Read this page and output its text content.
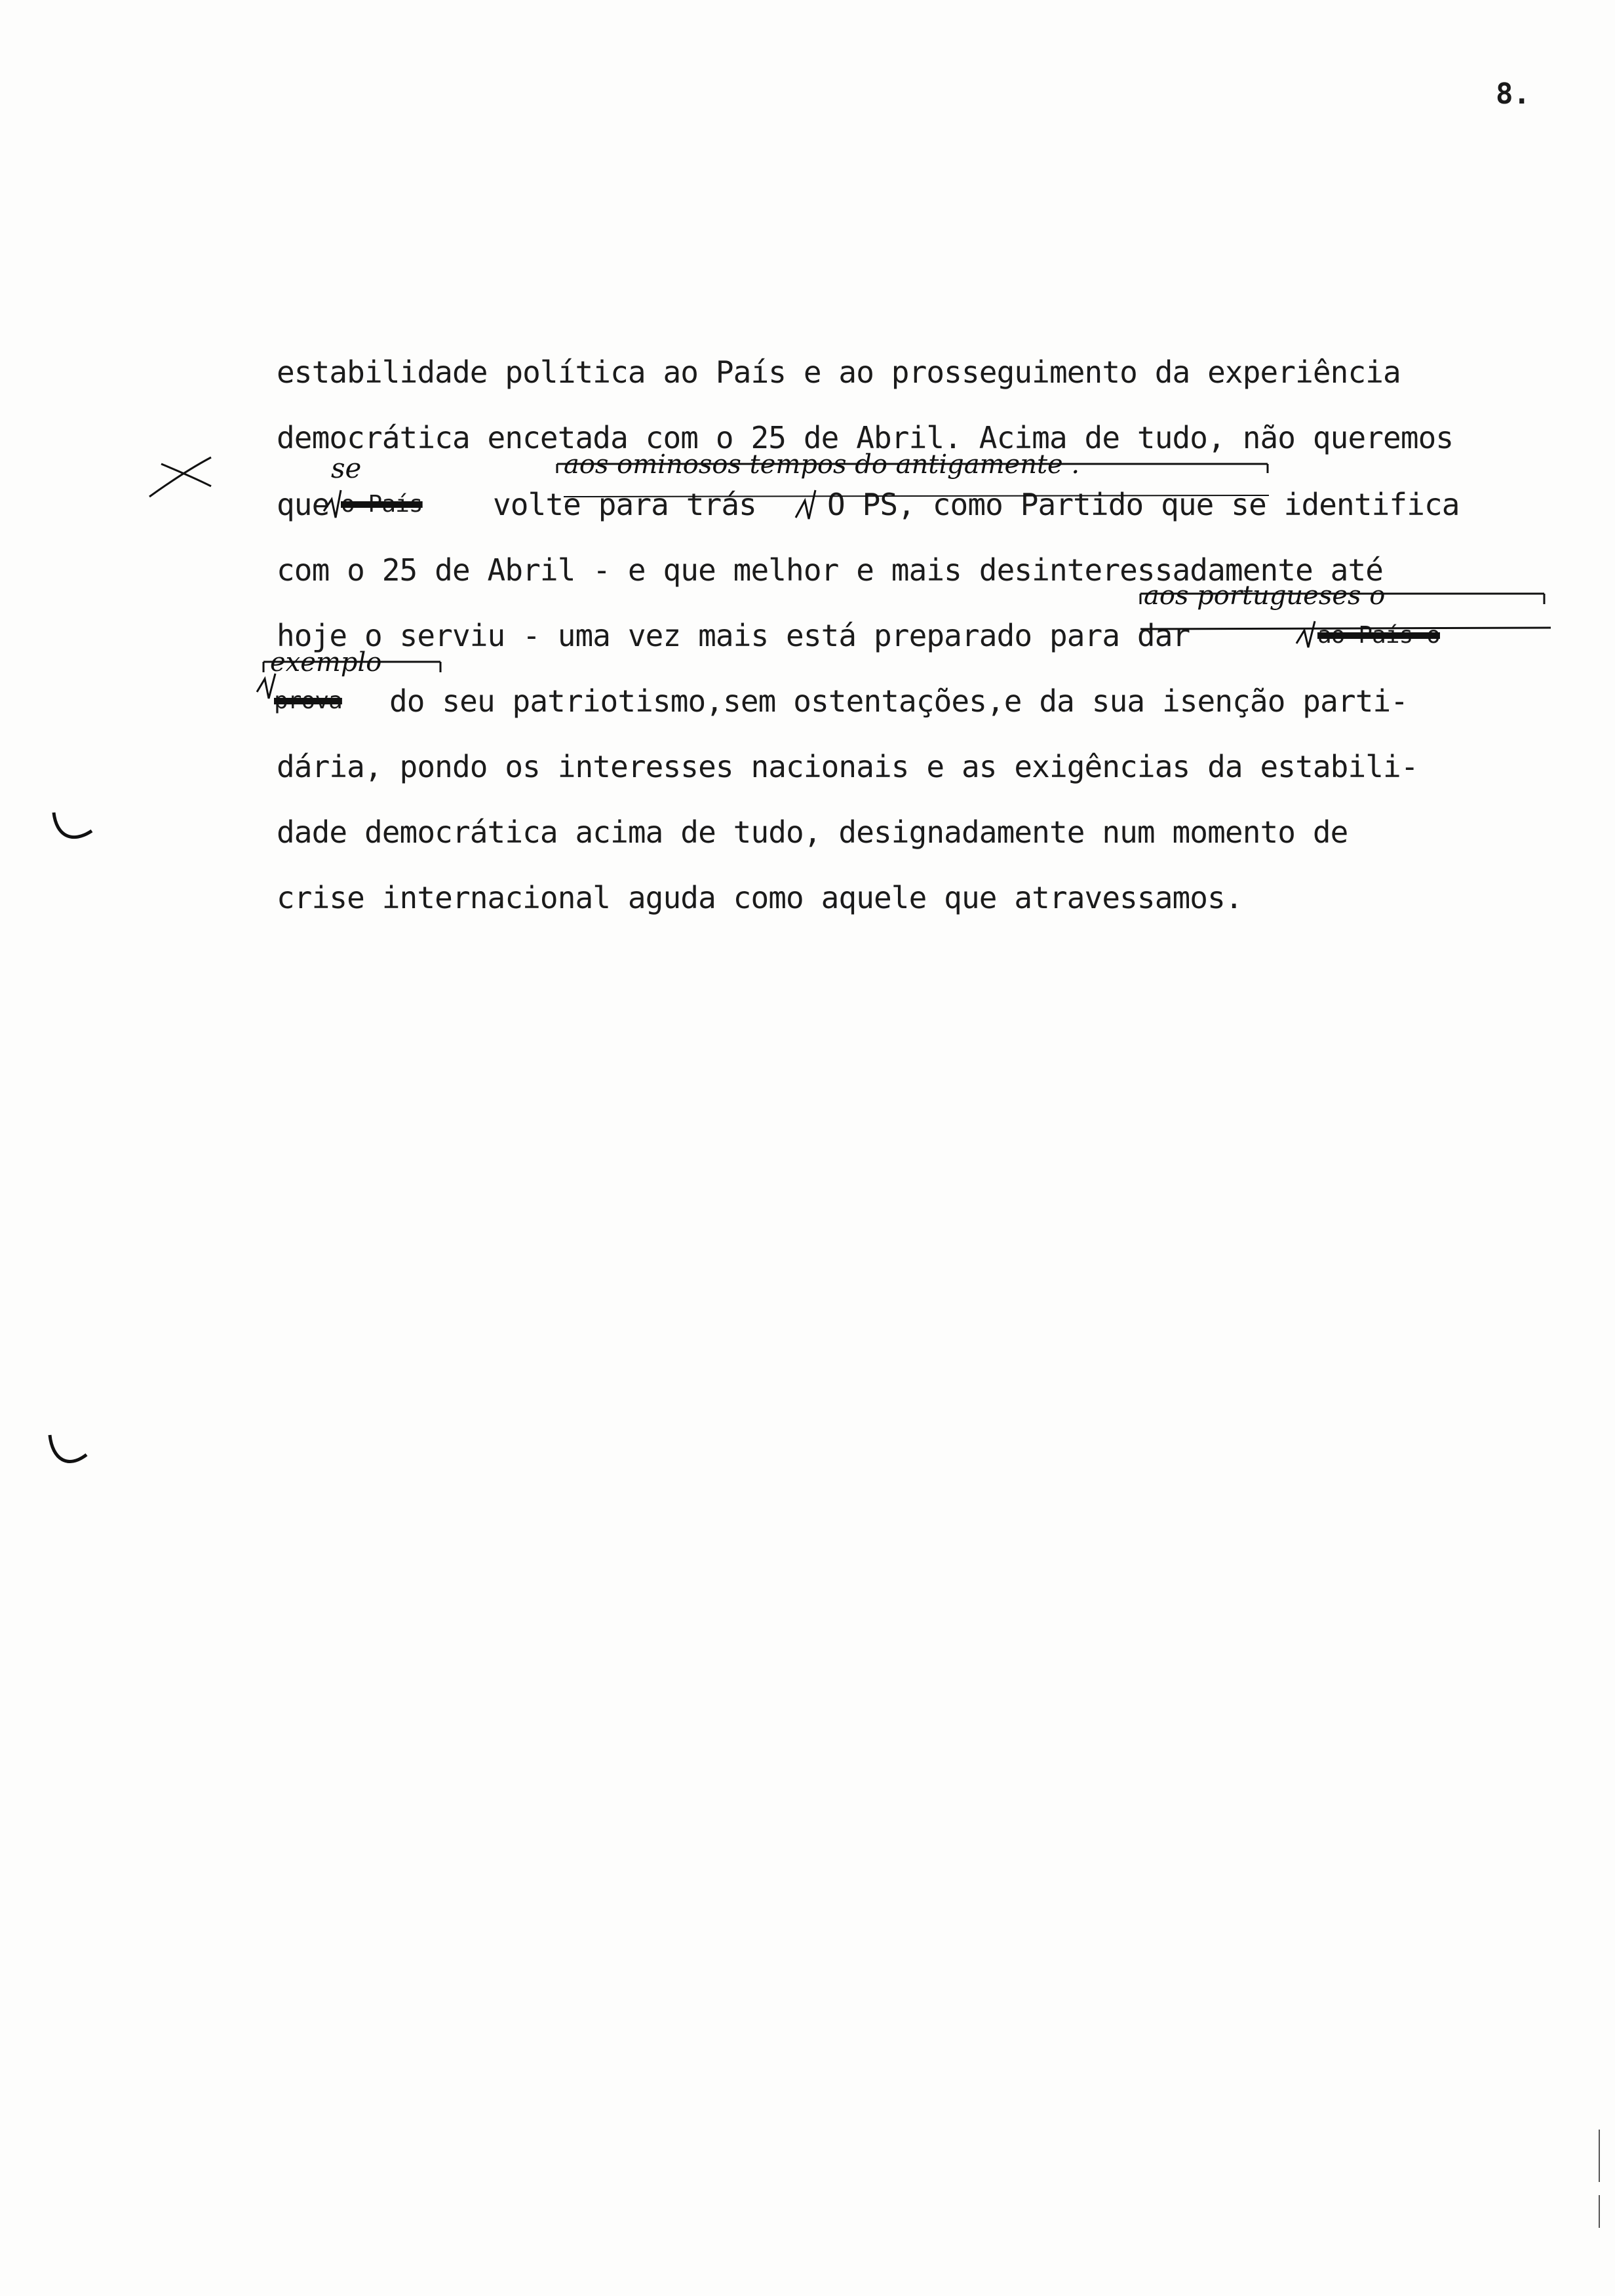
8.
estabilidade política ao País e ao prosseguimento da experiência
democrática encetada com o 25 de Abril. Acima de tudo, não queremos
que o País volte para trás O PS, como Partido que se identifica
com o 25 de Abril - e que melhor e mais desinteressadamente até
hoje o serviu - uma vez mais está preparado para dar	ao País o
prova do seu patriotismo,sem ostentações,e da sua isenção parti-
dária, pondo os interesses nacionais e as exigências da estabili-
dade democrática acima de tudo, designadamente num momento de
crise internacional aguda como aquele que atravessamos.
se	aos ominosos tempos do antigamente .
aos portugueses o
exemplo
